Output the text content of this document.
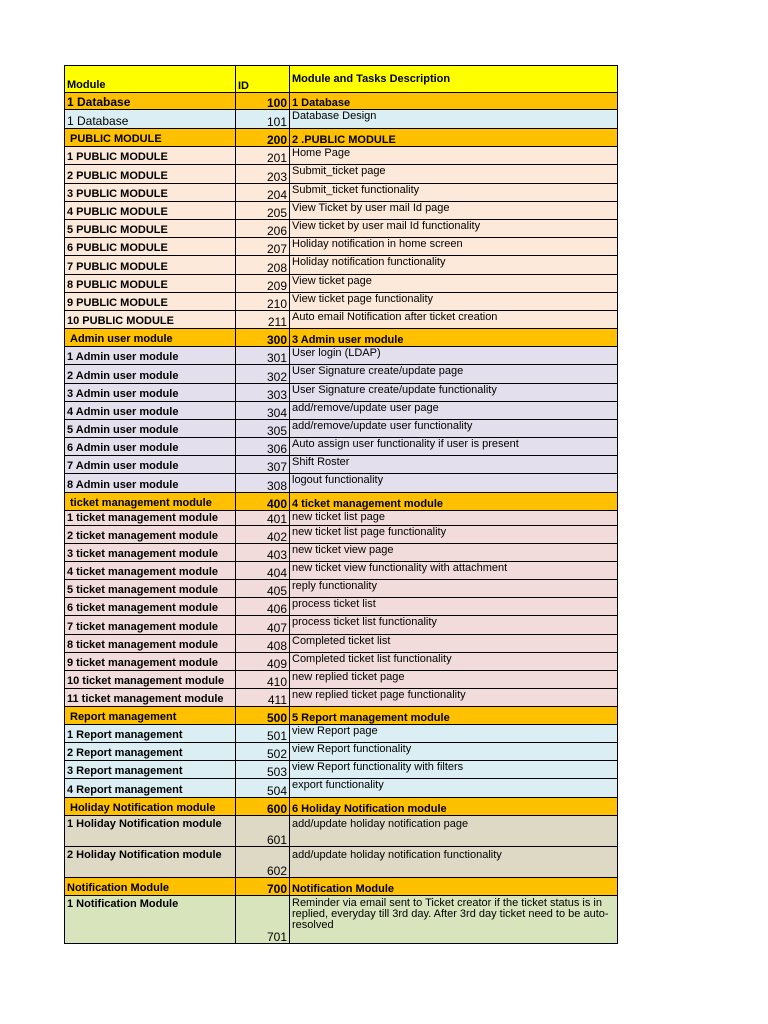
Module	ID	Module and Tasks Description
1 Database	100	1 Database
1 Database	101	Database Design
PUBLIC MODULE	200	2 .PUBLIC MODULE
1 PUBLIC MODULE	201	Home Page
2 PUBLIC MODULE	203	Submit_ticket page
3 PUBLIC MODULE	204	Submit_ticket functionality
4 PUBLIC MODULE	205	View Ticket by user mail Id page
5 PUBLIC MODULE	206	View ticket by user mail Id functionality
6 PUBLIC MODULE	207	Holiday notification in home screen
7 PUBLIC MODULE	208	Holiday notification functionality
8 PUBLIC MODULE	209	View ticket page
9 PUBLIC MODULE	210	View ticket page functionality
10 PUBLIC MODULE	211	Auto email Notification after ticket creation
Admin user module	300	3 Admin user module
1 Admin user module	301	User login (LDAP)
2 Admin user module	302	User Signature create/update page
3 Admin user module	303	User Signature create/update functionality
4 Admin user module	304	add/remove/update user page
5 Admin user module	305	add/remove/update user functionality
6 Admin user module	306	Auto assign user functionality if user is present
7 Admin user module	307	Shift Roster
8 Admin user module	308	logout functionality
ticket management module	400	4 ticket management module
1 ticket management module	401	new ticket list page
2 ticket management module	402	new ticket list page functionality
3 ticket management module	403	new ticket view page
4 ticket management module	404	new ticket view functionality with attachment
5 ticket management module	405	reply functionality
6 ticket management module	406	process ticket list
7 ticket management module	407	process ticket list functionality
8 ticket management module	408	Completed ticket list
9 ticket management module	409	Completed ticket list functionality
10 ticket management module	410	new replied ticket page
11 ticket management module	411	new replied ticket page functionality
Report management	500	5 Report management module
1 Report management	501	view Report page
2 Report management	502	view Report functionality
3 Report management	503	view Report functionality with filters
4 Report management	504	export functionality
Holiday Notification module	600	6 Holiday Notification module
1 Holiday Notification module	601	add/update holiday notification page
2 Holiday Notification module	602	add/update holiday notification functionality
Notification Module	700	Notification Module
1 Notification Module	701	Reminder via email sent to Ticket creator if the ticket status is in replied, everyday till 3rd day. After 3rd day ticket need to be auto-resolved
